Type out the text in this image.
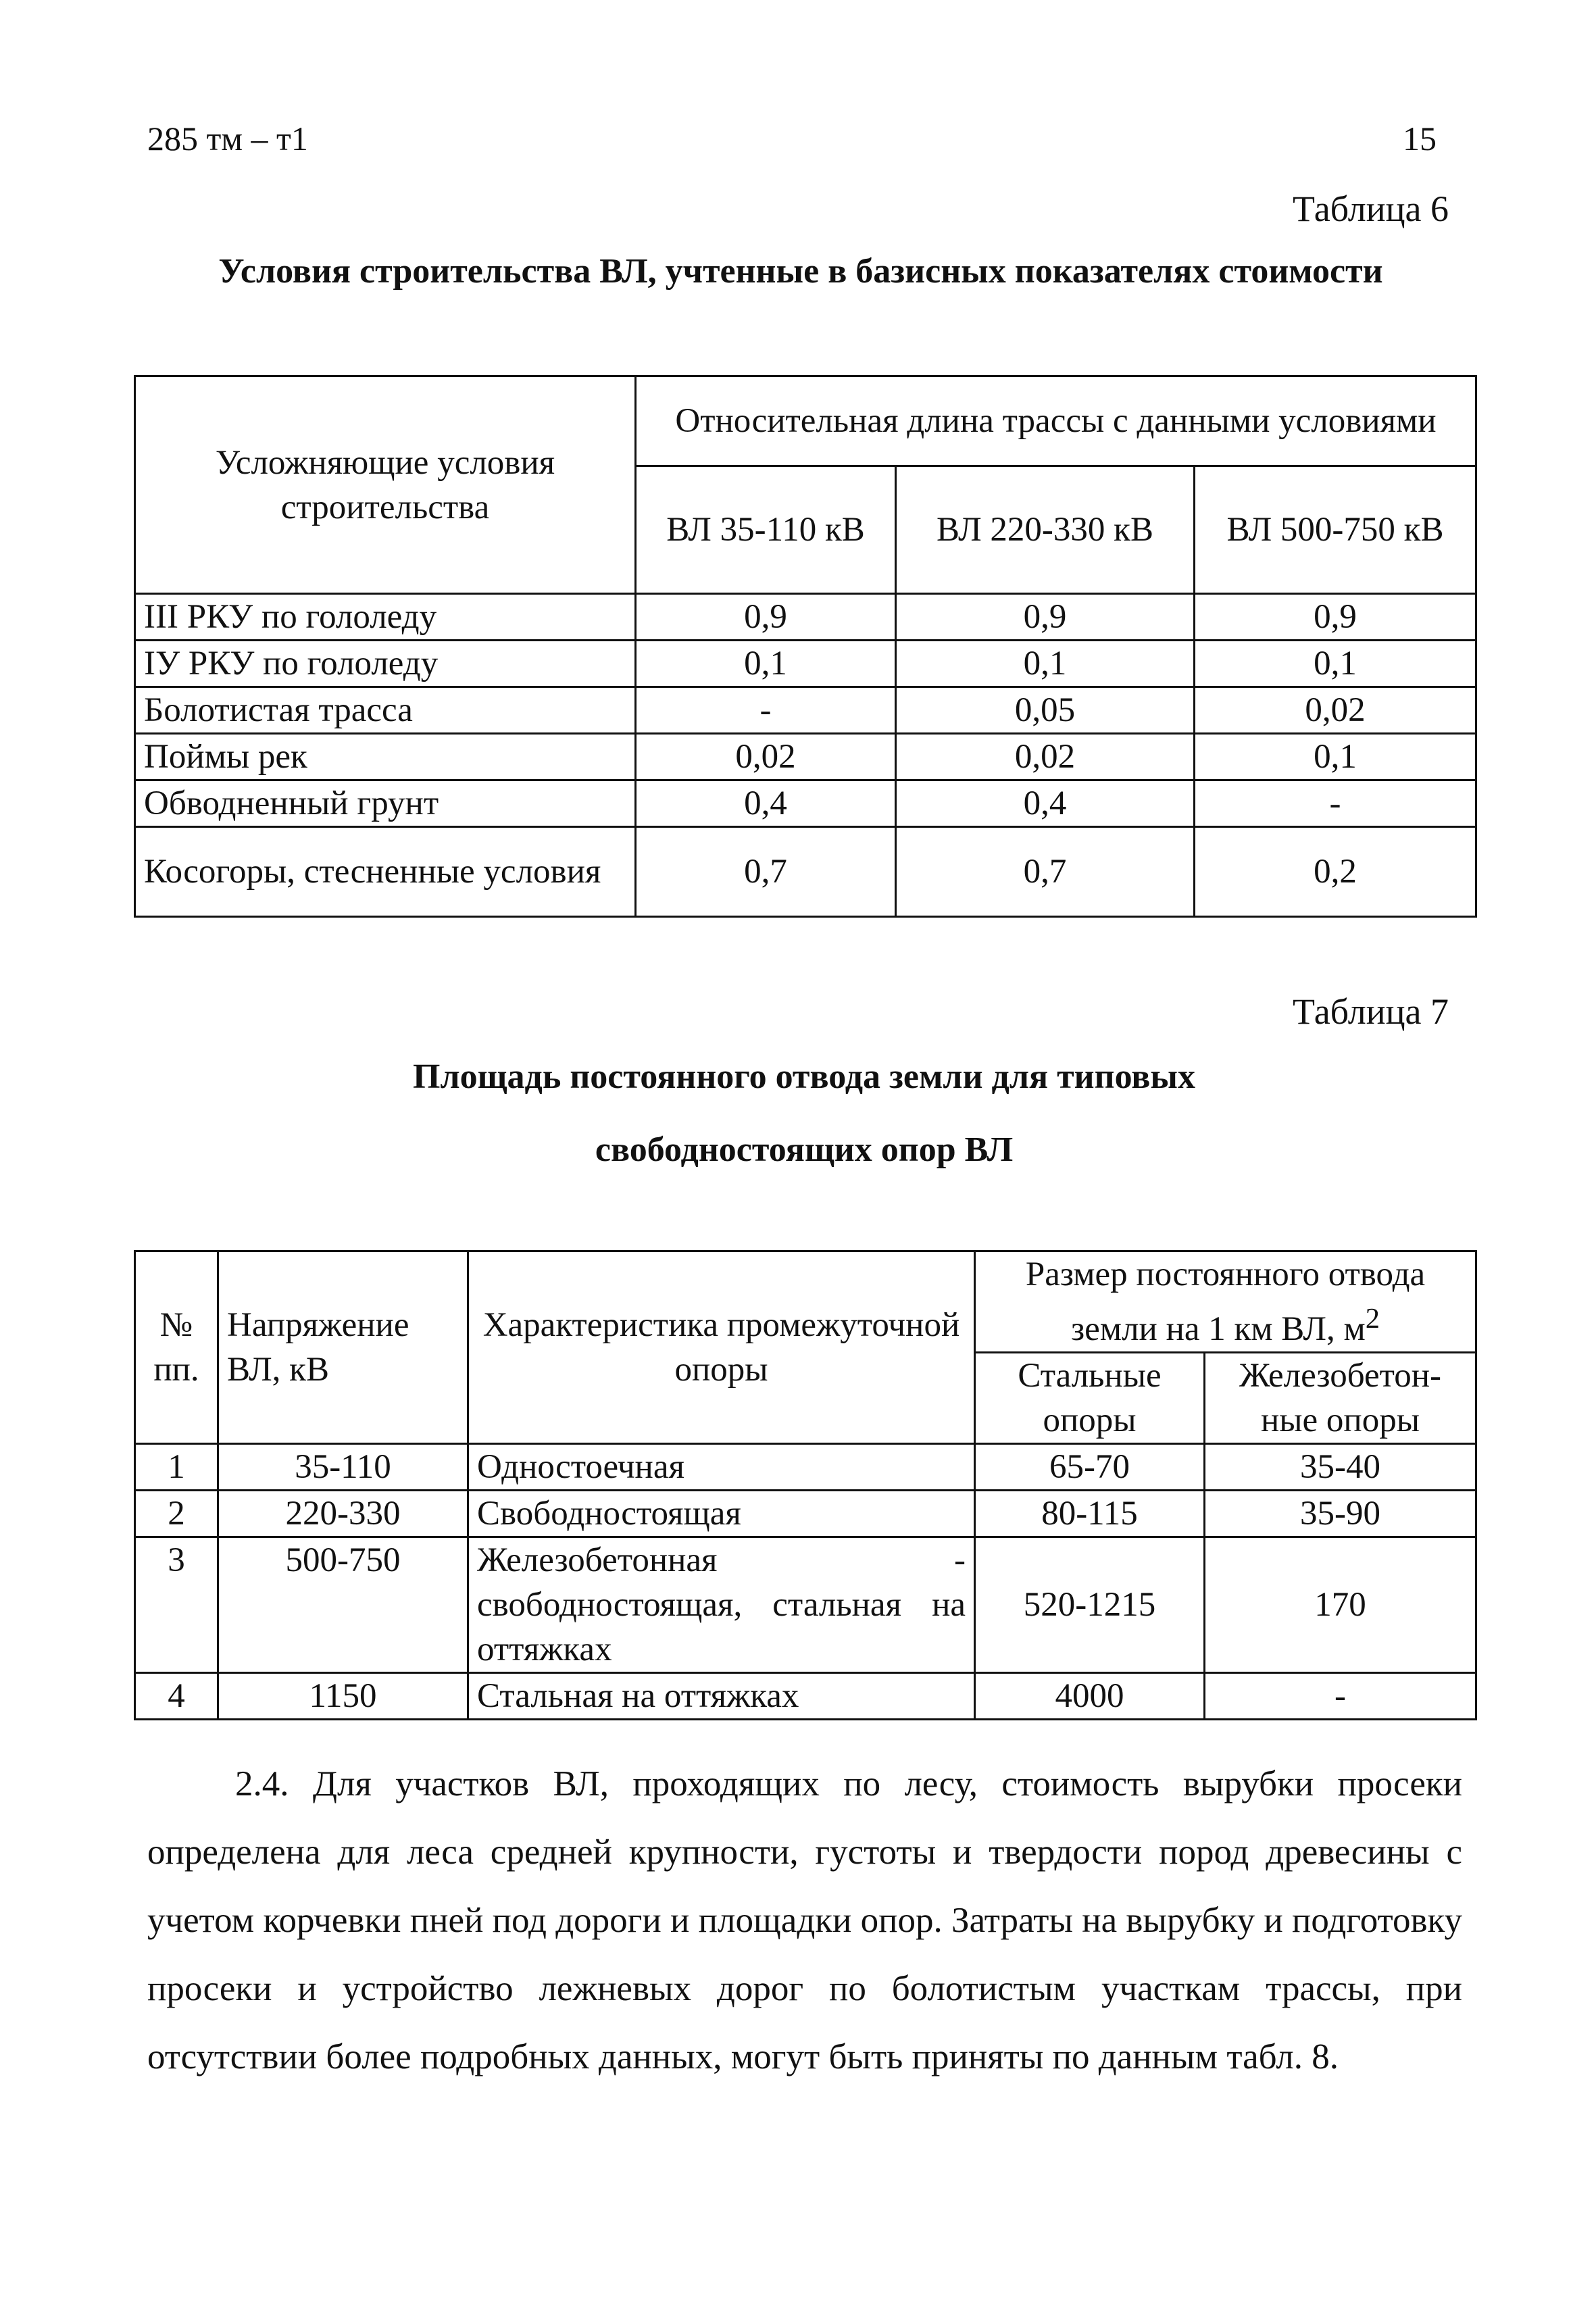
285 тм – т1	15
Таблица 6
Условия строительства ВЛ, учтенные в базисных показателях стоимости
Усложняющие условия строительства	Относительная длина трассы с данными условиями		
	ВЛ 35-110 кВ	ВЛ 220-330 кВ	ВЛ 500-750 кВ
III РКУ по гололеду	0,9	0,9	0,9
IУ РКУ по гололеду	0,1	0,1	0,1
Болотистая трасса	-	0,05	0,02
Поймы рек	0,02	0,02	0,1
Обводненный грунт	0,4	0,4	-
Косогоры, стесненные условия	0,7	0,7	0,2
Таблица 7
Площадь постоянного отвода земли для типовых
свободностоящих опор ВЛ
№ пп.	Напряжение ВЛ, кВ	Характеристика промежуточной опоры	Размер постоянного отвода земли на 1 км ВЛ, $м^2$
			Стальные опоры	Железобетон-ные опоры
1	35-110	Одностоечная	65-70	35-40
2	220-330	Свободностоящая	80-115	35-90
3	500-750	Железобетонная - свободностоящая, стальная на оттяжках	520-1215	170
4	1150	Стальная на оттяжках	4000	-
2.4. Для участков ВЛ, проходящих по лесу, стоимость вырубки просеки определена для леса средней крупности, густоты и твердости пород древесины с учетом корчевки пней под дороги и площадки опор. Затраты на вырубку и подготовку просеки и устройство лежневых дорог по болотистым участкам трассы, при отсутствии более подробных данных, могут быть приняты по данным табл. 8.
